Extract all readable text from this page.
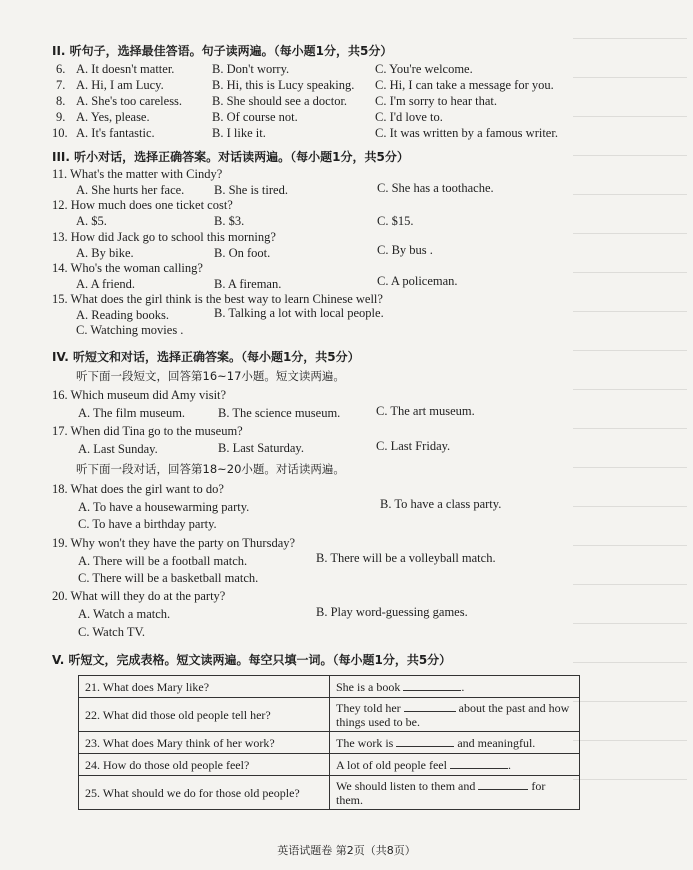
II. 听句子，选择最佳答语。句子读两遍。（每小题1分，共5分）
6. A. It doesn't matter.	B. Don't worry.	C. You're welcome.
7. A. Hi, I am Lucy.	B. Hi, this is Lucy speaking. C. Hi, I can take a message for you.
8. A. She's too careless. B. She should see a doctor. C. I'm sorry to hear that.
9. A. Yes, please.	B. Of course not.	C. I'd love to.
10. A. It's fantastic.	B. I like it.	C. It was written by a famous writer.
III. 听小对话，选择正确答案。对话读两遍。（每小题1分，共5分）
11. What's the matter with Cindy?
A. She hurts her face. B. She is tired.	C. She has a toothache.
12. How much does one ticket cost?
A. $5.	B. $3.	C. $15.
13. How did Jack go to school this morning?
A. By bike.	B. On foot.	C. By bus .
14. Who's the woman calling?
A. A friend.	B. A fireman.	C. A policeman.
15. What does the girl think is the best way to learn Chinese well?
A. Reading books.	B. Talking a lot with local people.
C. Watching movies .
IV. 听短文和对话，选择正确答案。（每小题1分，共5分）
听下面一段短文，回答第16~17小题。短文读两遍。
16. Which museum did Amy visit?
A. The film museum.	B. The science museum.	C. The art museum.
17. When did Tina go to the museum?
A. Last Sunday.	B. Last Saturday.	C. Last Friday.
听下面一段对话，回答第18~20小题。对话读两遍。
18. What does the girl want to do?
A. To have a housewarming party.	B. To have a class party.
C. To have a birthday party.
19. Why won't they have the party on Thursday?
A. There will be a football match.	B. There will be a volleyball match.
C. There will be a basketball match.
20. What will they do at the party?
A. Watch a match.	B. Play word-guessing games.
C. Watch TV.
V. 听短文，完成表格。短文读两遍。每空只填一词。（每小题1分，共5分）
21. What does Mary like?	She is a book .
22. What did those old people tell her?	They told her about the past and how things used to be.
23. What does Mary think of her work?	The work is and meaningful.
24. How do those old people feel?	A lot of old people feel .
25. What should we do for those old people?	We should listen to them and for them.
英语试题卷 第2页（共8页）
